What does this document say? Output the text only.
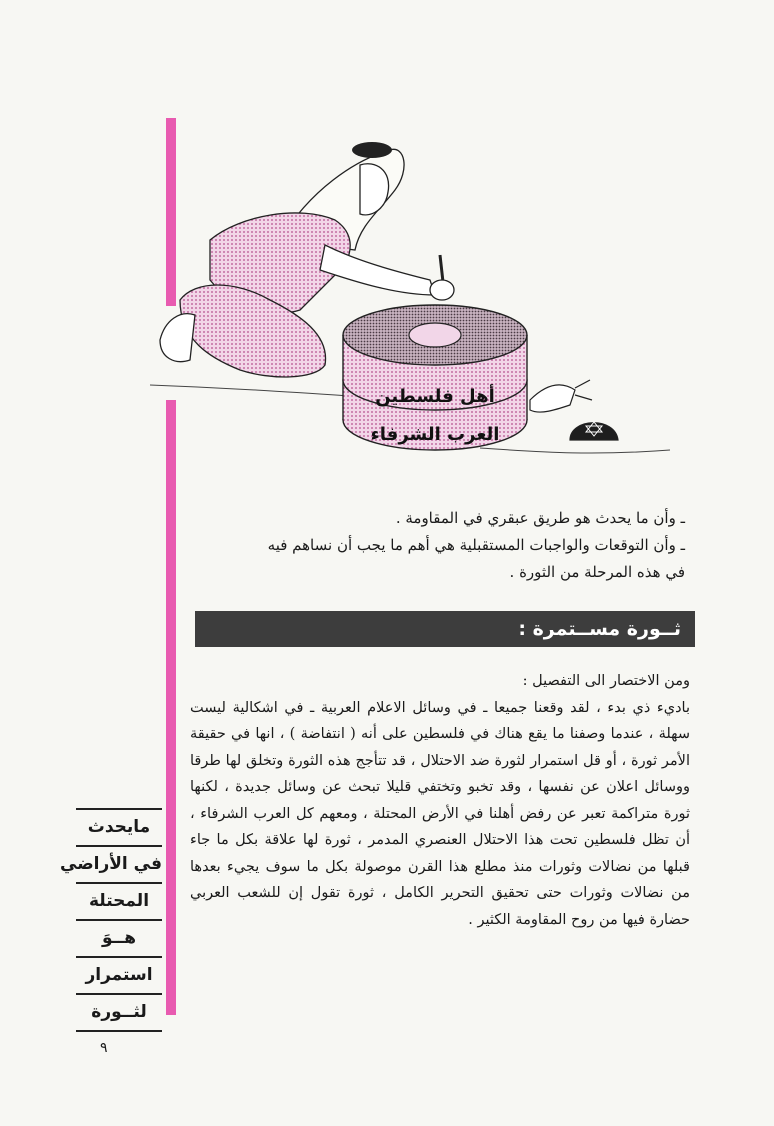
أهل فلسطين
العرب الشرفاء

ـ وأن ما يحدث هو طريق عبقري في المقاومة .

ـ وأن التوقعات والواجبات المستقبلية هي أهم ما يجب أن نساهم فيه

في هذه المرحلة من الثورة .

ثــورة مســتمرة :

ومن الاختصار الى التفصيل :

باديء ذي بدء ، لقد وقعنا جميعا ـ في وسائل الاعلام العربية ـ في اشكالية ليست سهلة ، عندما وصفنا ما يقع هناك في فلسطين على أنه ( انتفاضة ) ، انها في حقيقة الأمر ثورة ، أو قل استمرار لثورة ضد الاحتلال ، قد تتأجج هذه الثورة وتخلق لها طرقا ووسائل اعلان عن نفسها ، وقد تخبو وتختفي قليلا تبحث عن وسائل جديدة ، لكنها ثورة متراكمة تعبر عن رفض أهلنا في الأرض المحتلة ، ومعهم كل العرب الشرفاء ، أن تظل فلسطين تحت هذا الاحتلال العنصري المدمر ، ثورة لها علاقة بكل ما جاء قبلها من نضالات وثورات منذ مطلع هذا القرن موصولة بكل ما سوف يجيء بعدها من نضالات وثورات حتى تحقيق التحرير الكامل ، ثورة تقول إن للشعب العربي حضارة فيها من روح المقاومة الكثير .

مايحدث
في الأراضي
المحتلة
هــوَ
استمرار
لثــورة
٩
